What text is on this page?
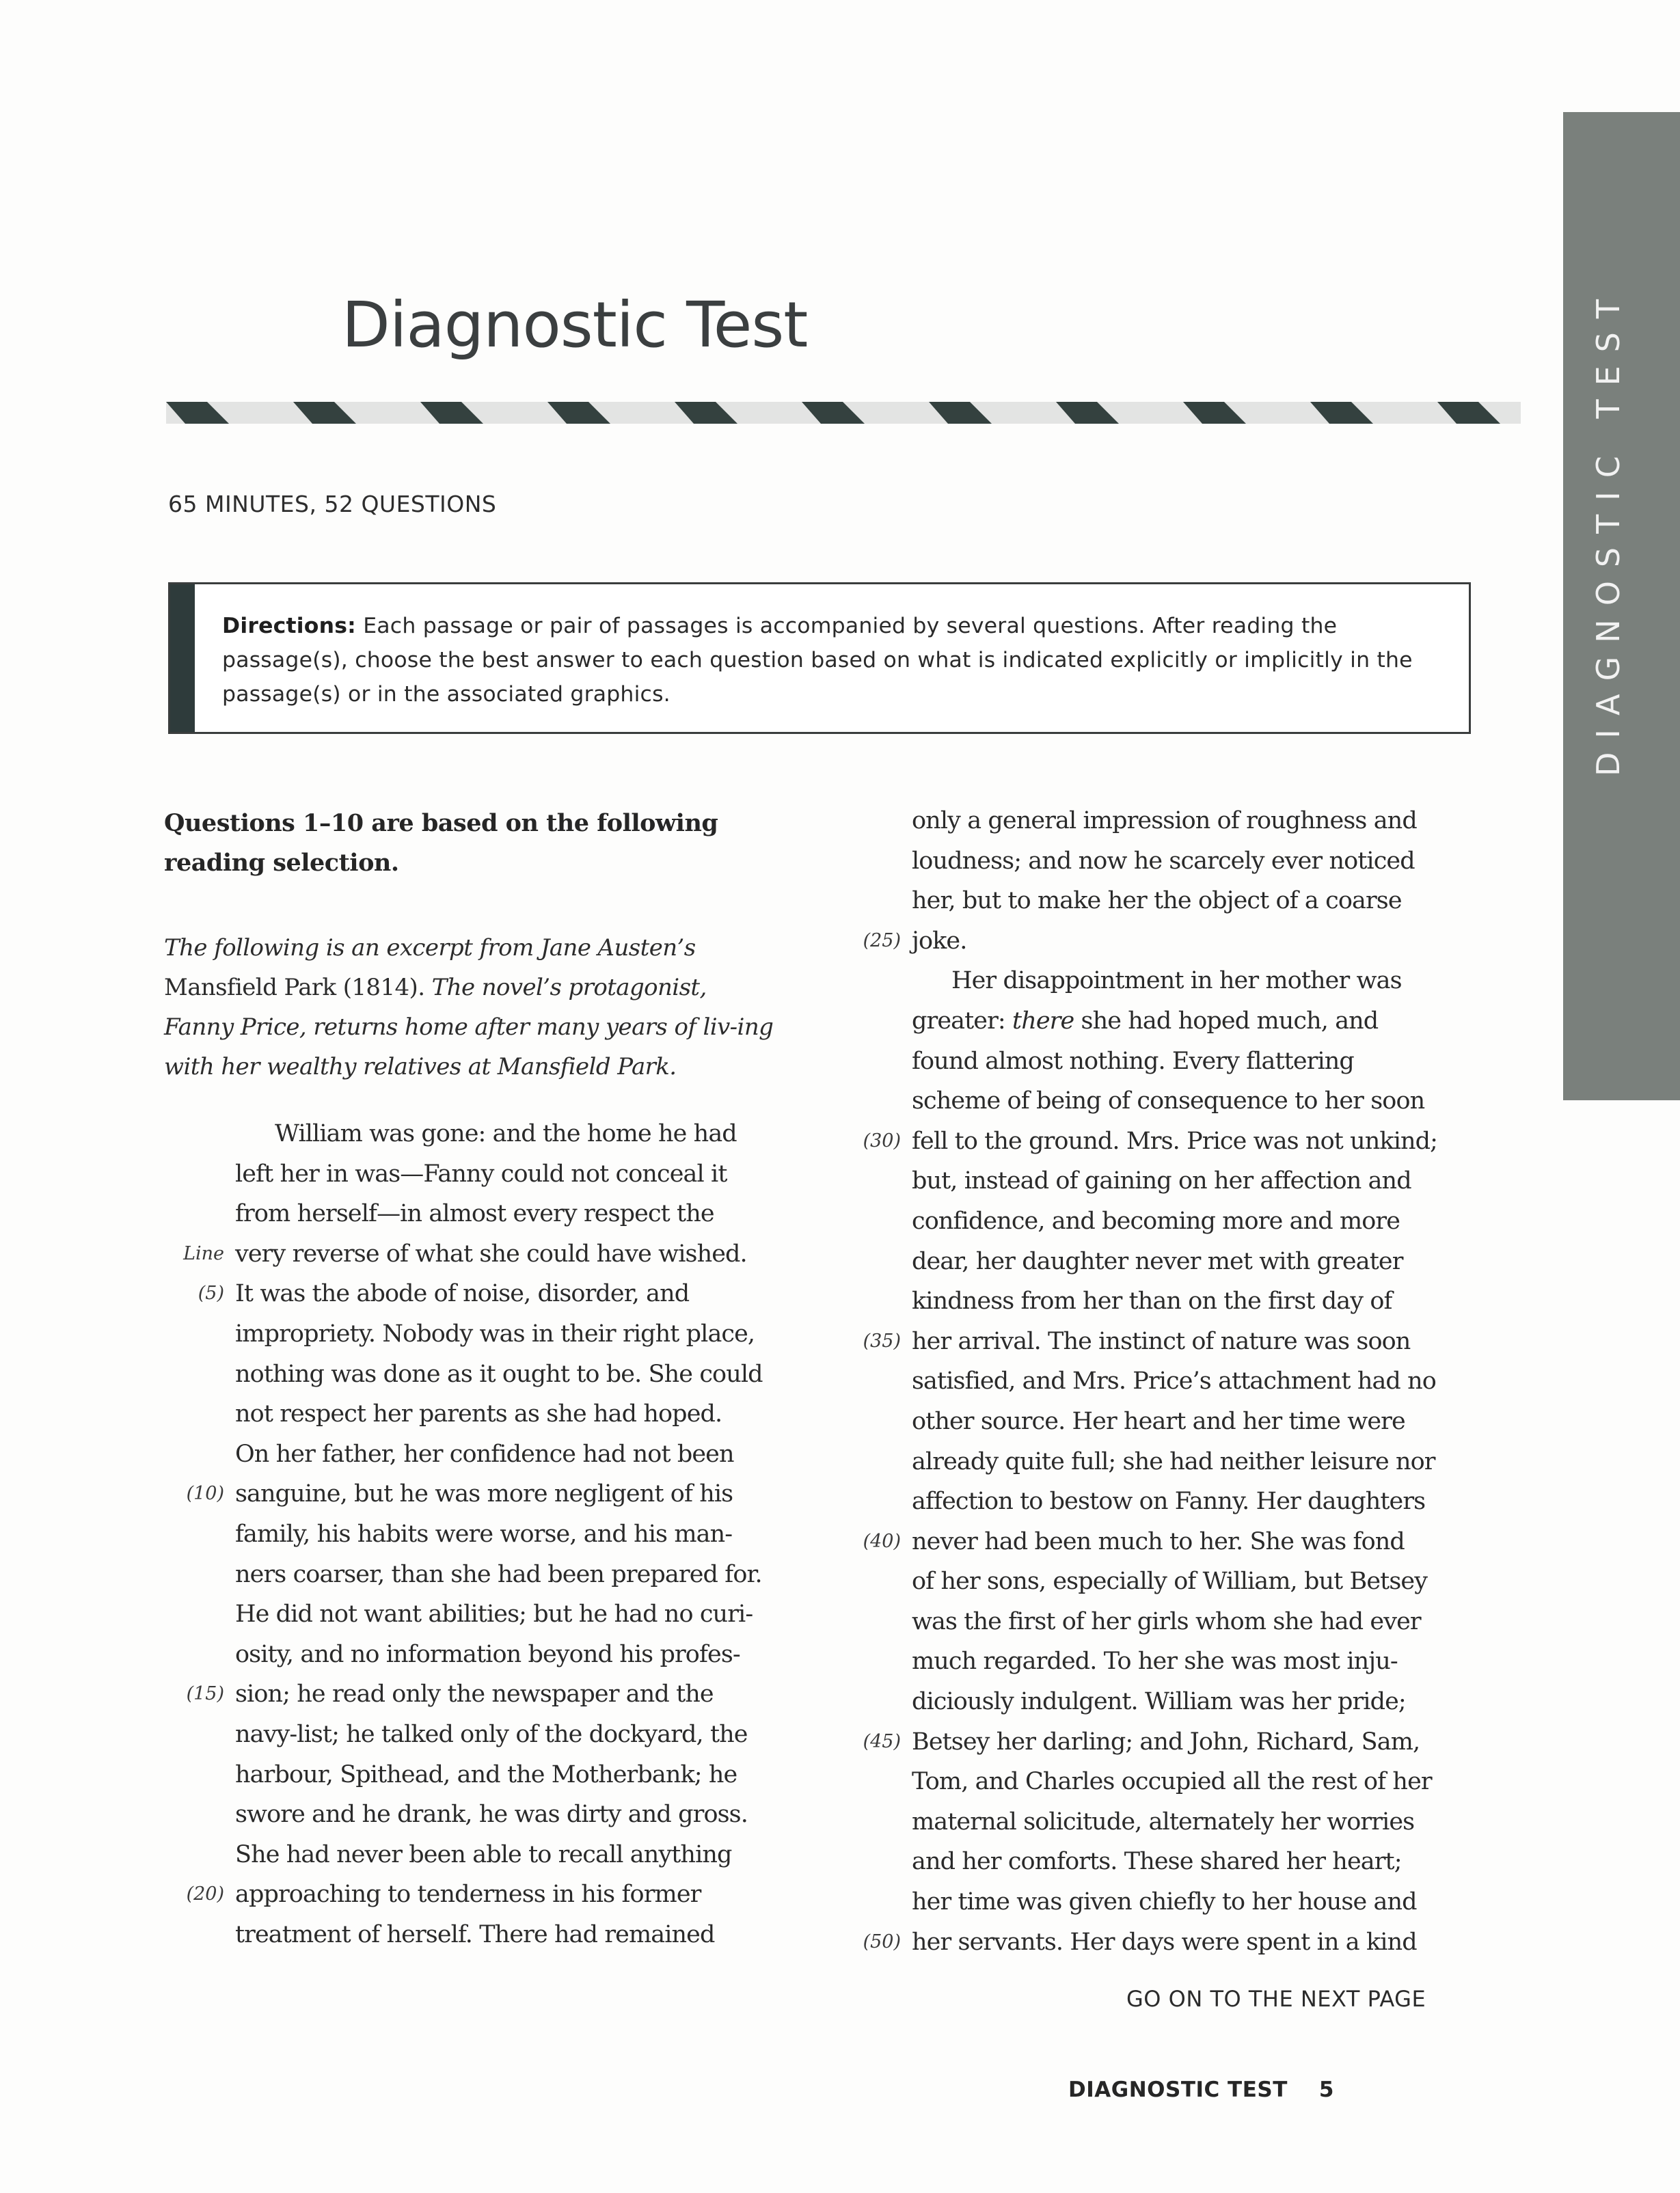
DIAGNOSTIC TEST
Diagnostic Test
65 MINUTES, 52 QUESTIONS
Directions: Each passage or pair of passages is accompanied by several questions. After reading the passage(s), choose the best answer to each question based on what is indicated explicitly or implicitly in the passage(s) or in the associated graphics.
Questions 1–10 are based on the following reading selection.
The following is an excerpt from Jane Austen’s Mansfield Park (1814). The novel’s protagonist, Fanny Price, returns home after many years of liv-ing with her wealthy relatives at Mansfield Park.
William was gone: and the home he had
left her in was—Fanny could not conceal it
from herself—in almost every respect the
Line very reverse of what she could have wished.
(5) It was the abode of noise, disorder, and
impropriety. Nobody was in their right place,
nothing was done as it ought to be. She could
not respect her parents as she had hoped.
On her father, her confidence had not been
(10) sanguine, but he was more negligent of his
family, his habits were worse, and his man-
ners coarser, than she had been prepared for.
He did not want abilities; but he had no curi-
osity, and no information beyond his profes-
(15) sion; he read only the newspaper and the
navy-list; he talked only of the dockyard, the
harbour, Spithead, and the Motherbank; he
swore and he drank, he was dirty and gross.
She had never been able to recall anything
(20) approaching to tenderness in his former
treatment of herself. There had remained
only a general impression of roughness and
loudness; and now he scarcely ever noticed
her, but to make her the object of a coarse
(25) joke.
Her disappointment in her mother was
greater: there she had hoped much, and
found almost nothing. Every flattering
scheme of being of consequence to her soon
(30) fell to the ground. Mrs. Price was not unkind;
but, instead of gaining on her affection and
confidence, and becoming more and more
dear, her daughter never met with greater
kindness from her than on the first day of
(35) her arrival. The instinct of nature was soon
satisfied, and Mrs. Price’s attachment had no
other source. Her heart and her time were
already quite full; she had neither leisure nor
affection to bestow on Fanny. Her daughters
(40) never had been much to her. She was fond
of her sons, especially of William, but Betsey
was the first of her girls whom she had ever
much regarded. To her she was most inju-
diciously indulgent. William was her pride;
(45) Betsey her darling; and John, Richard, Sam,
Tom, and Charles occupied all the rest of her
maternal solicitude, alternately her worries
and her comforts. These shared her heart;
her time was given chiefly to her house and
(50) her servants. Her days were spent in a kind
GO ON TO THE NEXT PAGE
DIAGNOSTIC TEST 5
